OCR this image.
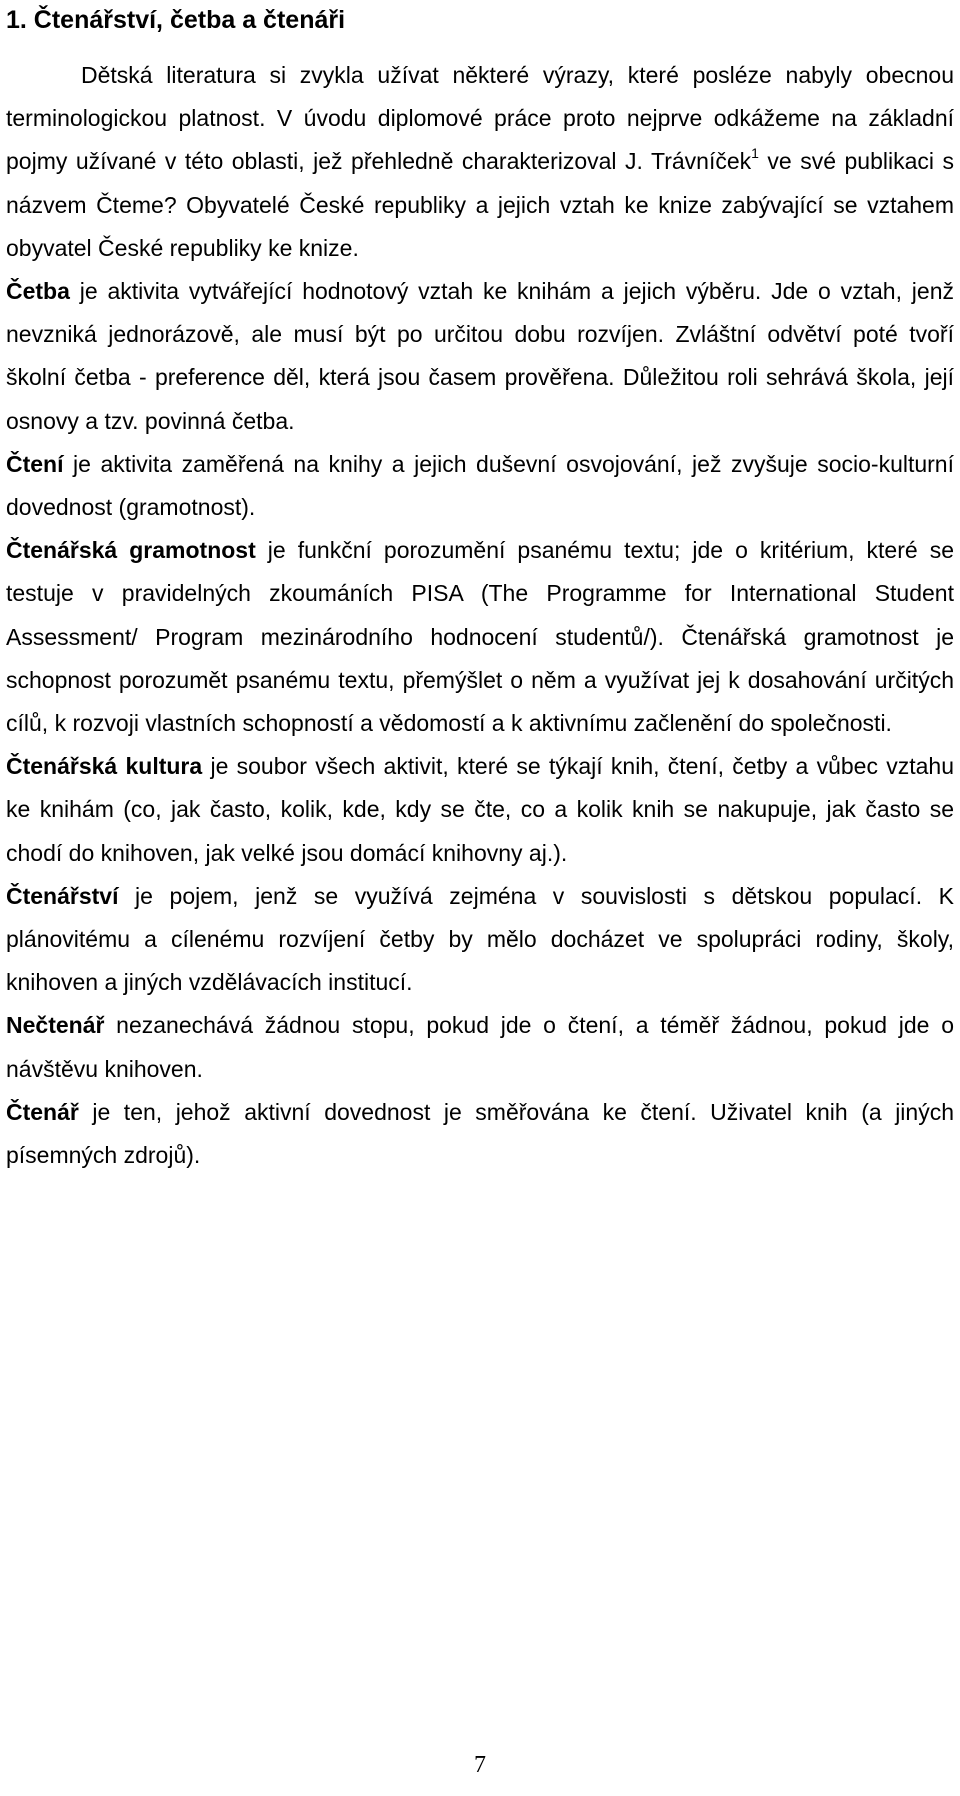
1. Čtenářství, četba a čtenáři

Dětská literatura si zvykla užívat některé výrazy, které posléze nabyly obecnou terminologickou platnost. V úvodu diplomové práce proto nejprve odkážeme na základní pojmy užívané v této oblasti, jež přehledně charakterizoval J. Trávníček$^1$ ve své publikaci s názvem Čteme? Obyvatelé České republiky a jejich vztah ke knize zabývající se vztahem obyvatel České republiky ke knize.

Četba je aktivita vytvářející hodnotový vztah ke knihám a jejich výběru. Jde o vztah, jenž nevzniká jednorázově, ale musí být po určitou dobu rozvíjen. Zvláštní odvětví poté tvoří školní četba - preference děl, která jsou časem prověřena. Důležitou roli sehrává škola, její osnovy a tzv. povinná četba.

Čtení je aktivita zaměřená na knihy a jejich duševní osvojování, jež zvyšuje socio-kulturní dovednost (gramotnost).

Čtenářská gramotnost je funkční porozumění psanému textu; jde o kritérium, které se testuje v pravidelných zkoumáních PISA (The Programme for International Student Assessment/ Program mezinárodního hodnocení studentů/). Čtenářská gramotnost je schopnost porozumět psanému textu, přemýšlet o něm a využívat jej k dosahování určitých cílů, k rozvoji vlastních schopností a vědomostí a k aktivnímu začlenění do společnosti.

Čtenářská kultura je soubor všech aktivit, které se týkají knih, čtení, četby a vůbec vztahu ke knihám (co, jak často, kolik, kde, kdy se čte, co a kolik knih se nakupuje, jak často se chodí do knihoven, jak velké jsou domácí knihovny aj.).

Čtenářství je pojem, jenž se využívá zejména v souvislosti s dětskou populací. K plánovitému a cílenému rozvíjení četby by mělo docházet ve spolupráci rodiny, školy, knihoven a jiných vzdělávacích institucí.

Nečtenář nezanechává žádnou stopu, pokud jde o čtení, a téměř žádnou, pokud jde o návštěvu knihoven.

Čtenář je ten, jehož aktivní dovednost je směřována ke čtení. Uživatel knih (a jiných písemných zdrojů).

7
